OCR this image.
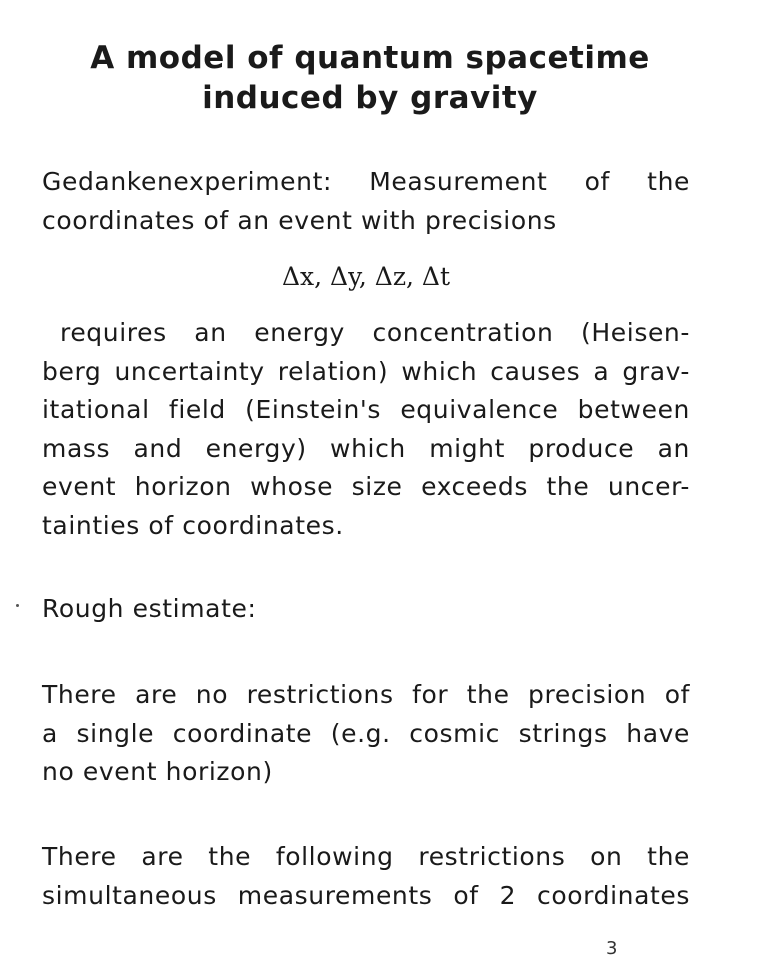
A model of quantum spacetime
induced by gravity
Gedankenexperiment: Measurement of the
coordinates of an event with precisions
Δx, Δy, Δz, Δt
requires an energy concentration (Heisen-
berg uncertainty relation) which causes a grav-
itational field (Einstein's equivalence between
mass and energy) which might produce an
event horizon whose size exceeds the uncer-
tainties of coordinates.
Rough estimate:
There are no restrictions for the precision of
a single coordinate (e.g. cosmic strings have
no event horizon)
There are the following restrictions on the
simultaneous measurements of 2 coordinates
3
